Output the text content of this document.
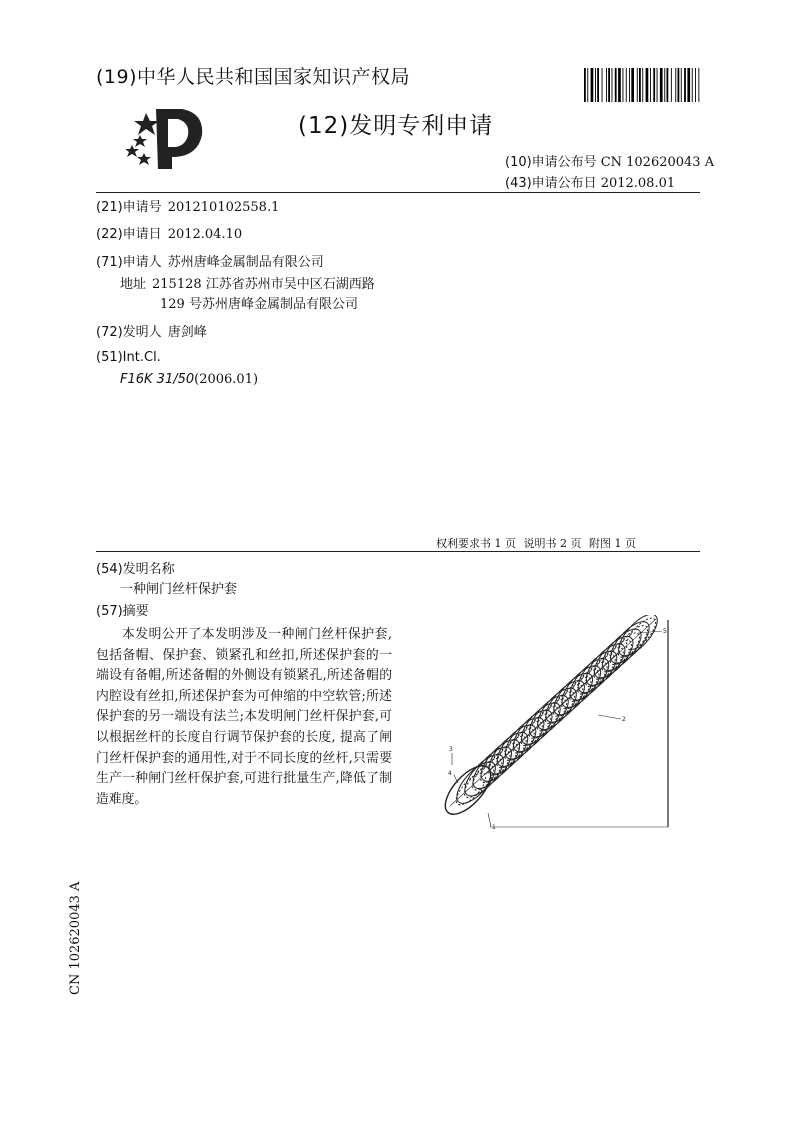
(19)中华人民共和国国家知识产权局
(12)发明专利申请
(10)申请公布号 CN 102620043 A
(43)申请公布日 2012.08.01
(21)申请号 201210102558.1
(22)申请日 2012.04.10
(71)申请人 苏州唐峰金属制品有限公司
地址 215128 江苏省苏州市吴中区石湖西路
129 号苏州唐峰金属制品有限公司
(72)发明人 唐剑峰
(51)Int.Cl.
F16K 31/50(2006.01)
权利要求书 1 页 说明书 2 页 附图 1 页
(54)发明名称
一种闸门丝杆保护套
(57)摘要
本发明公开了本发明涉及一种闸门丝杆保护套,包括备帽、保护套、锁紧孔和丝扣,所述保护套的一端设有备帽,所述备帽的外侧设有锁紧孔,所述备帽的内腔设有丝扣,所述保护套为可伸缩的中空软管;所述保护套的另一端设有法兰;本发明闸门丝杆保护套,可以根据丝杆的长度自行调节保护套的长度, 提高了闸门丝杆保护套的通用性,对于不同长度的丝杆,只需要生产一种闸门丝杆保护套,可进行批量生产,降低了制造难度。
5
2
3
4
1
CN 102620043 A
